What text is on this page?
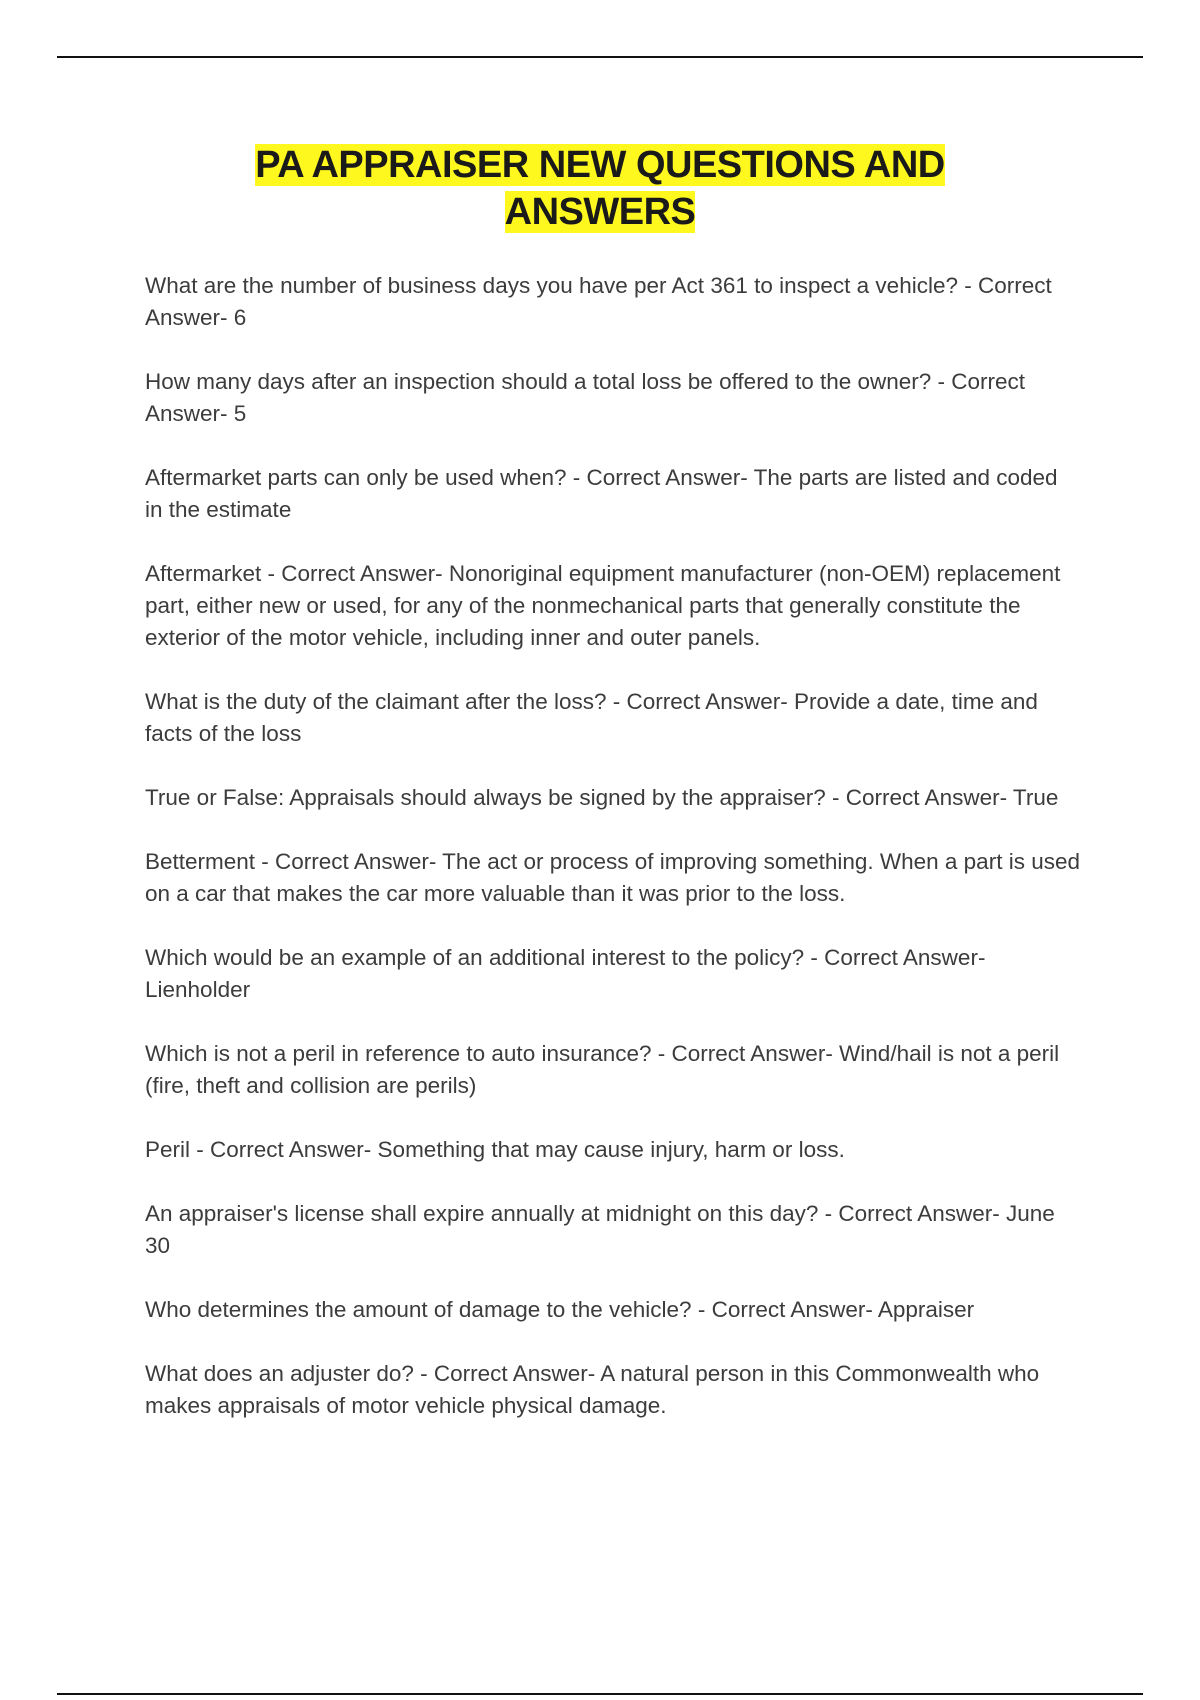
PA APPRAISER NEW QUESTIONS AND
ANSWERS

What are the number of business days you have per Act 361 to inspect a vehicle? - Correct Answer- 6

How many days after an inspection should a total loss be offered to the owner? - Correct Answer- 5

Aftermarket parts can only be used when? - Correct Answer- The parts are listed and coded in the estimate

Aftermarket - Correct Answer- Nonoriginal equipment manufacturer (non-OEM) replacement part, either new or used, for any of the nonmechanical parts that generally constitute the exterior of the motor vehicle, including inner and outer panels.

What is the duty of the claimant after the loss? - Correct Answer- Provide a date, time and facts of the loss

True or False: Appraisals should always be signed by the appraiser? - Correct Answer- True

Betterment - Correct Answer- The act or process of improving something. When a part is used on a car that makes the car more valuable than it was prior to the loss.

Which would be an example of an additional interest to the policy? - Correct Answer- Lienholder

Which is not a peril in reference to auto insurance? - Correct Answer- Wind/hail is not a peril (fire, theft and collision are perils)

Peril - Correct Answer- Something that may cause injury, harm or loss.

An appraiser's license shall expire annually at midnight on this day? - Correct Answer- June 30

Who determines the amount of damage to the vehicle? - Correct Answer- Appraiser

What does an adjuster do? - Correct Answer- A natural person in this Commonwealth who makes appraisals of motor vehicle physical damage.
